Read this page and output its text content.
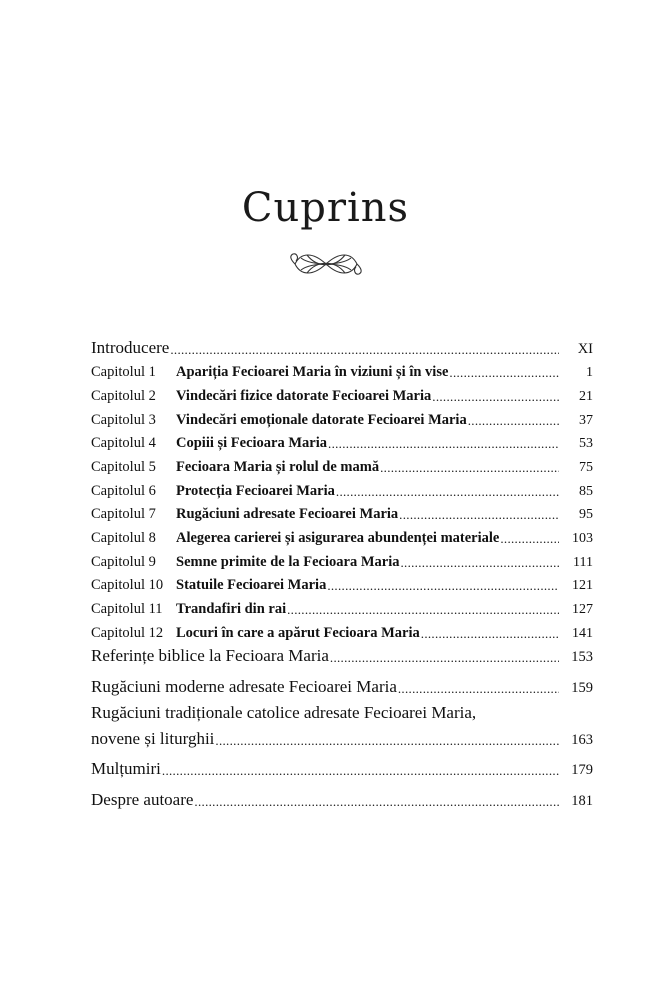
Cuprins
Introducere .....	XI
Capitolul 1	Apariția Fecioarei Maria în viziuni și în vise .....	1
Capitolul 2	Vindecări fizice datorate Fecioarei Maria .....	21
Capitolul 3	Vindecări emoționale datorate Fecioarei Maria .....	37
Capitolul 4	Copiii și Fecioara Maria .....	53
Capitolul 5	Fecioara Maria și rolul de mamă .....	75
Capitolul 6	Protecția Fecioarei Maria .....	85
Capitolul 7	Rugăciuni adresate Fecioarei Maria .....	95
Capitolul 8	Alegerea carierei și asigurarea abundenței materiale .....	103
Capitolul 9	Semne primite de la Fecioara Maria .....	111
Capitolul 10 Statuile Fecioarei Maria .....	121
Capitolul 11 Trandafiri din rai .....	127
Capitolul 12 Locuri în care a apărut Fecioara Maria .....	141
Referințe biblice la Fecioara Maria .....	153
Rugăciuni moderne adresate Fecioarei Maria .....	159
Rugăciuni tradiționale catolice adresate Fecioarei Maria,
novene și liturghii .....	163
Mulțumiri .....	179
Despre autoare .....	181
